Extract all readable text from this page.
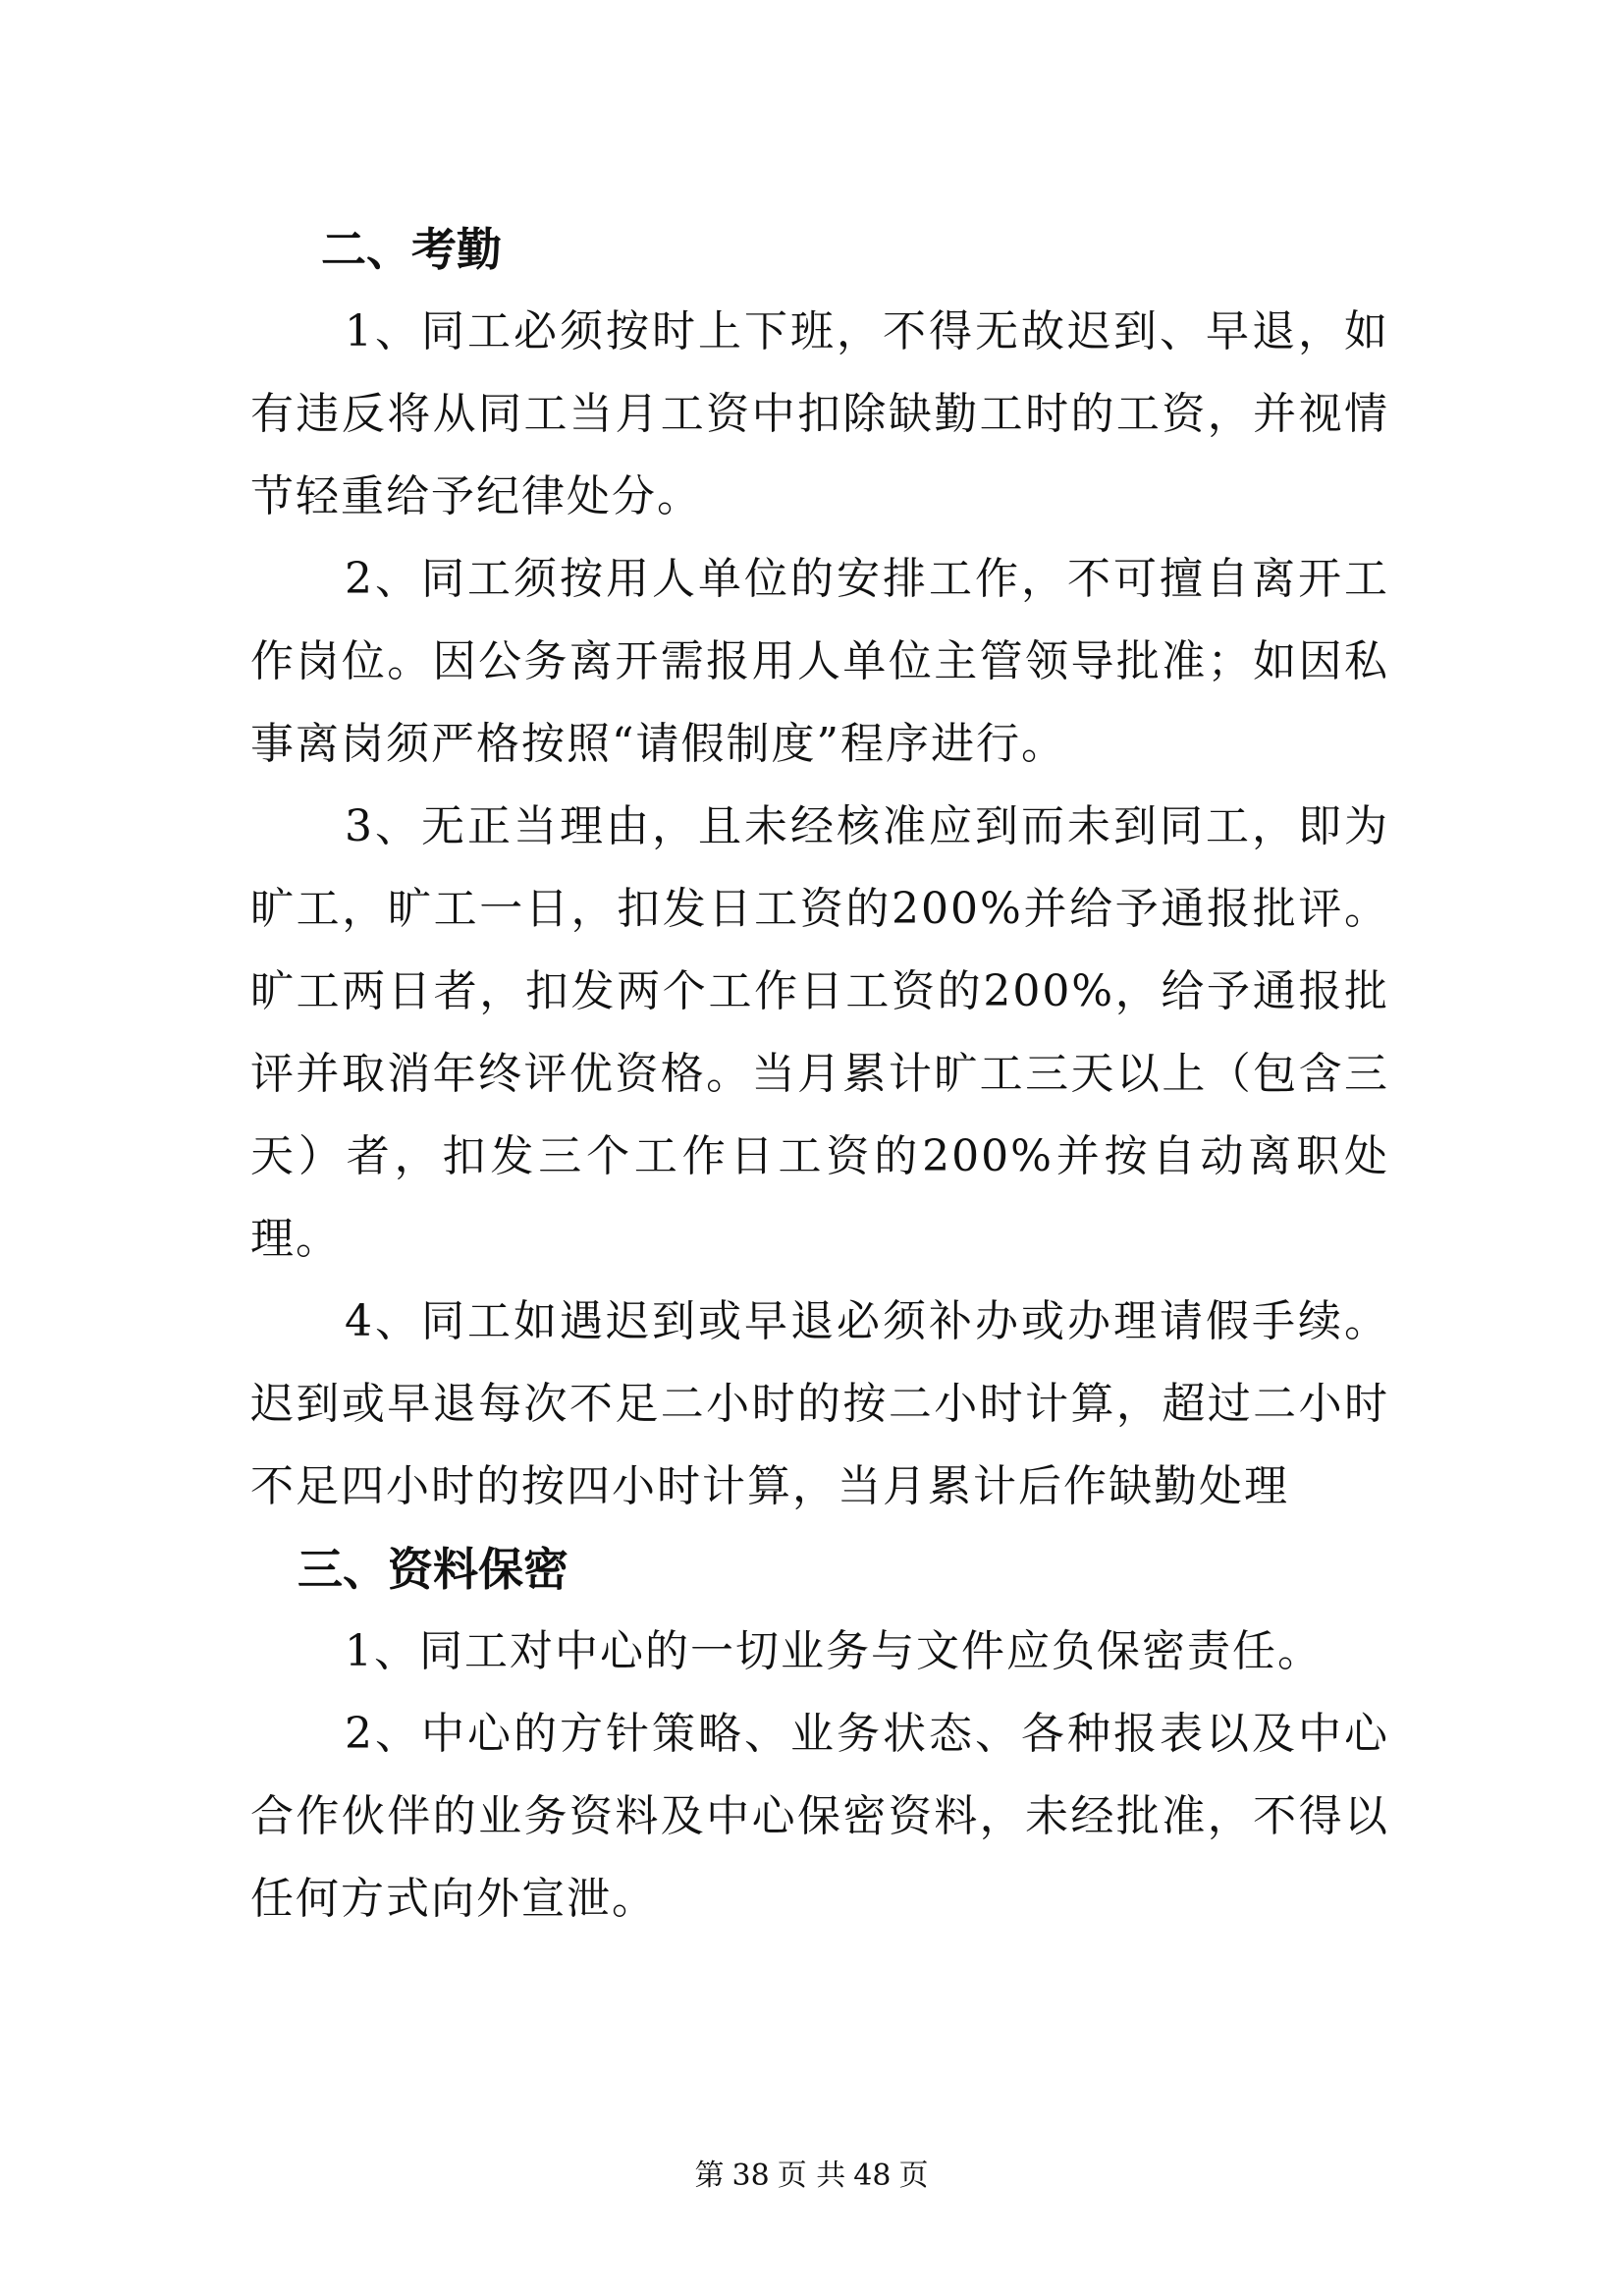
二、考勤

1、同工必须按时上下班，不得无故迟到、早退，如有违反将从同工当月工资中扣除缺勤工时的工资，并视情节轻重给予纪律处分。

2、同工须按用人单位的安排工作，不可擅自离开工作岗位。因公务离开需报用人单位主管领导批准；如因私事离岗须严格按照“请假制度”程序进行。

3、无正当理由，且未经核准应到而未到同工，即为旷工，旷工一日，扣发日工资的200%并给予通报批评。旷工两日者，扣发两个工作日工资的200%，给予通报批评并取消年终评优资格。当月累计旷工三天以上（包含三天）者，扣发三个工作日工资的200%并按自动离职处理。

4、同工如遇迟到或早退必须补办或办理请假手续。迟到或早退每次不足二小时的按二小时计算，超过二小时不足四小时的按四小时计算，当月累计后作缺勤处理

三、资料保密

1、同工对中心的一切业务与文件应负保密责任。

2、中心的方针策略、业务状态、各种报表以及中心合作伙伴的业务资料及中心保密资料，未经批准，不得以任何方式向外宣泄。

第 38 页 共 48 页
